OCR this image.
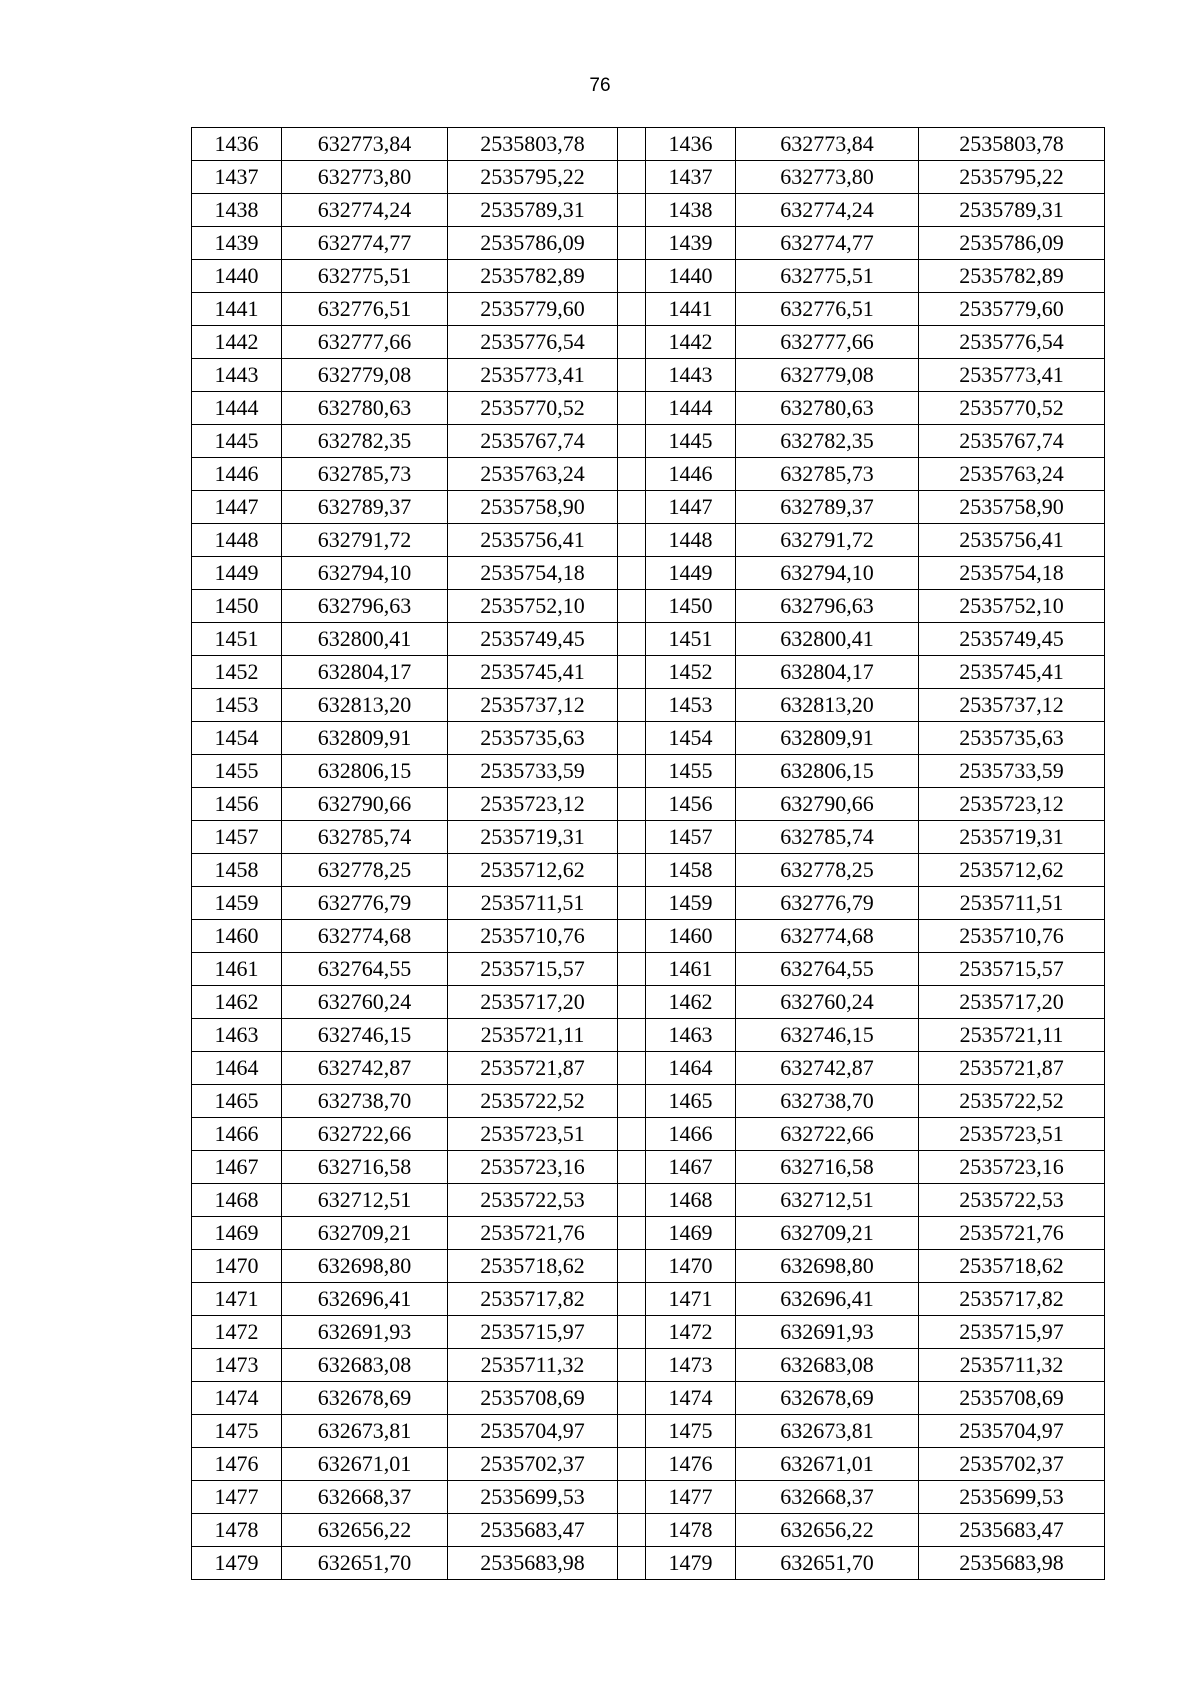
76
1436	632773,84	2535803,78		1436	632773,84	2535803,78
1437	632773,80	2535795,22		1437	632773,80	2535795,22
1438	632774,24	2535789,31		1438	632774,24	2535789,31
1439	632774,77	2535786,09		1439	632774,77	2535786,09
1440	632775,51	2535782,89		1440	632775,51	2535782,89
1441	632776,51	2535779,60		1441	632776,51	2535779,60
1442	632777,66	2535776,54		1442	632777,66	2535776,54
1443	632779,08	2535773,41		1443	632779,08	2535773,41
1444	632780,63	2535770,52		1444	632780,63	2535770,52
1445	632782,35	2535767,74		1445	632782,35	2535767,74
1446	632785,73	2535763,24		1446	632785,73	2535763,24
1447	632789,37	2535758,90		1447	632789,37	2535758,90
1448	632791,72	2535756,41		1448	632791,72	2535756,41
1449	632794,10	2535754,18		1449	632794,10	2535754,18
1450	632796,63	2535752,10		1450	632796,63	2535752,10
1451	632800,41	2535749,45		1451	632800,41	2535749,45
1452	632804,17	2535745,41		1452	632804,17	2535745,41
1453	632813,20	2535737,12		1453	632813,20	2535737,12
1454	632809,91	2535735,63		1454	632809,91	2535735,63
1455	632806,15	2535733,59		1455	632806,15	2535733,59
1456	632790,66	2535723,12		1456	632790,66	2535723,12
1457	632785,74	2535719,31		1457	632785,74	2535719,31
1458	632778,25	2535712,62		1458	632778,25	2535712,62
1459	632776,79	2535711,51		1459	632776,79	2535711,51
1460	632774,68	2535710,76		1460	632774,68	2535710,76
1461	632764,55	2535715,57		1461	632764,55	2535715,57
1462	632760,24	2535717,20		1462	632760,24	2535717,20
1463	632746,15	2535721,11		1463	632746,15	2535721,11
1464	632742,87	2535721,87		1464	632742,87	2535721,87
1465	632738,70	2535722,52		1465	632738,70	2535722,52
1466	632722,66	2535723,51		1466	632722,66	2535723,51
1467	632716,58	2535723,16		1467	632716,58	2535723,16
1468	632712,51	2535722,53		1468	632712,51	2535722,53
1469	632709,21	2535721,76		1469	632709,21	2535721,76
1470	632698,80	2535718,62		1470	632698,80	2535718,62
1471	632696,41	2535717,82		1471	632696,41	2535717,82
1472	632691,93	2535715,97		1472	632691,93	2535715,97
1473	632683,08	2535711,32		1473	632683,08	2535711,32
1474	632678,69	2535708,69		1474	632678,69	2535708,69
1475	632673,81	2535704,97		1475	632673,81	2535704,97
1476	632671,01	2535702,37		1476	632671,01	2535702,37
1477	632668,37	2535699,53		1477	632668,37	2535699,53
1478	632656,22	2535683,47		1478	632656,22	2535683,47
1479	632651,70	2535683,98		1479	632651,70	2535683,98
